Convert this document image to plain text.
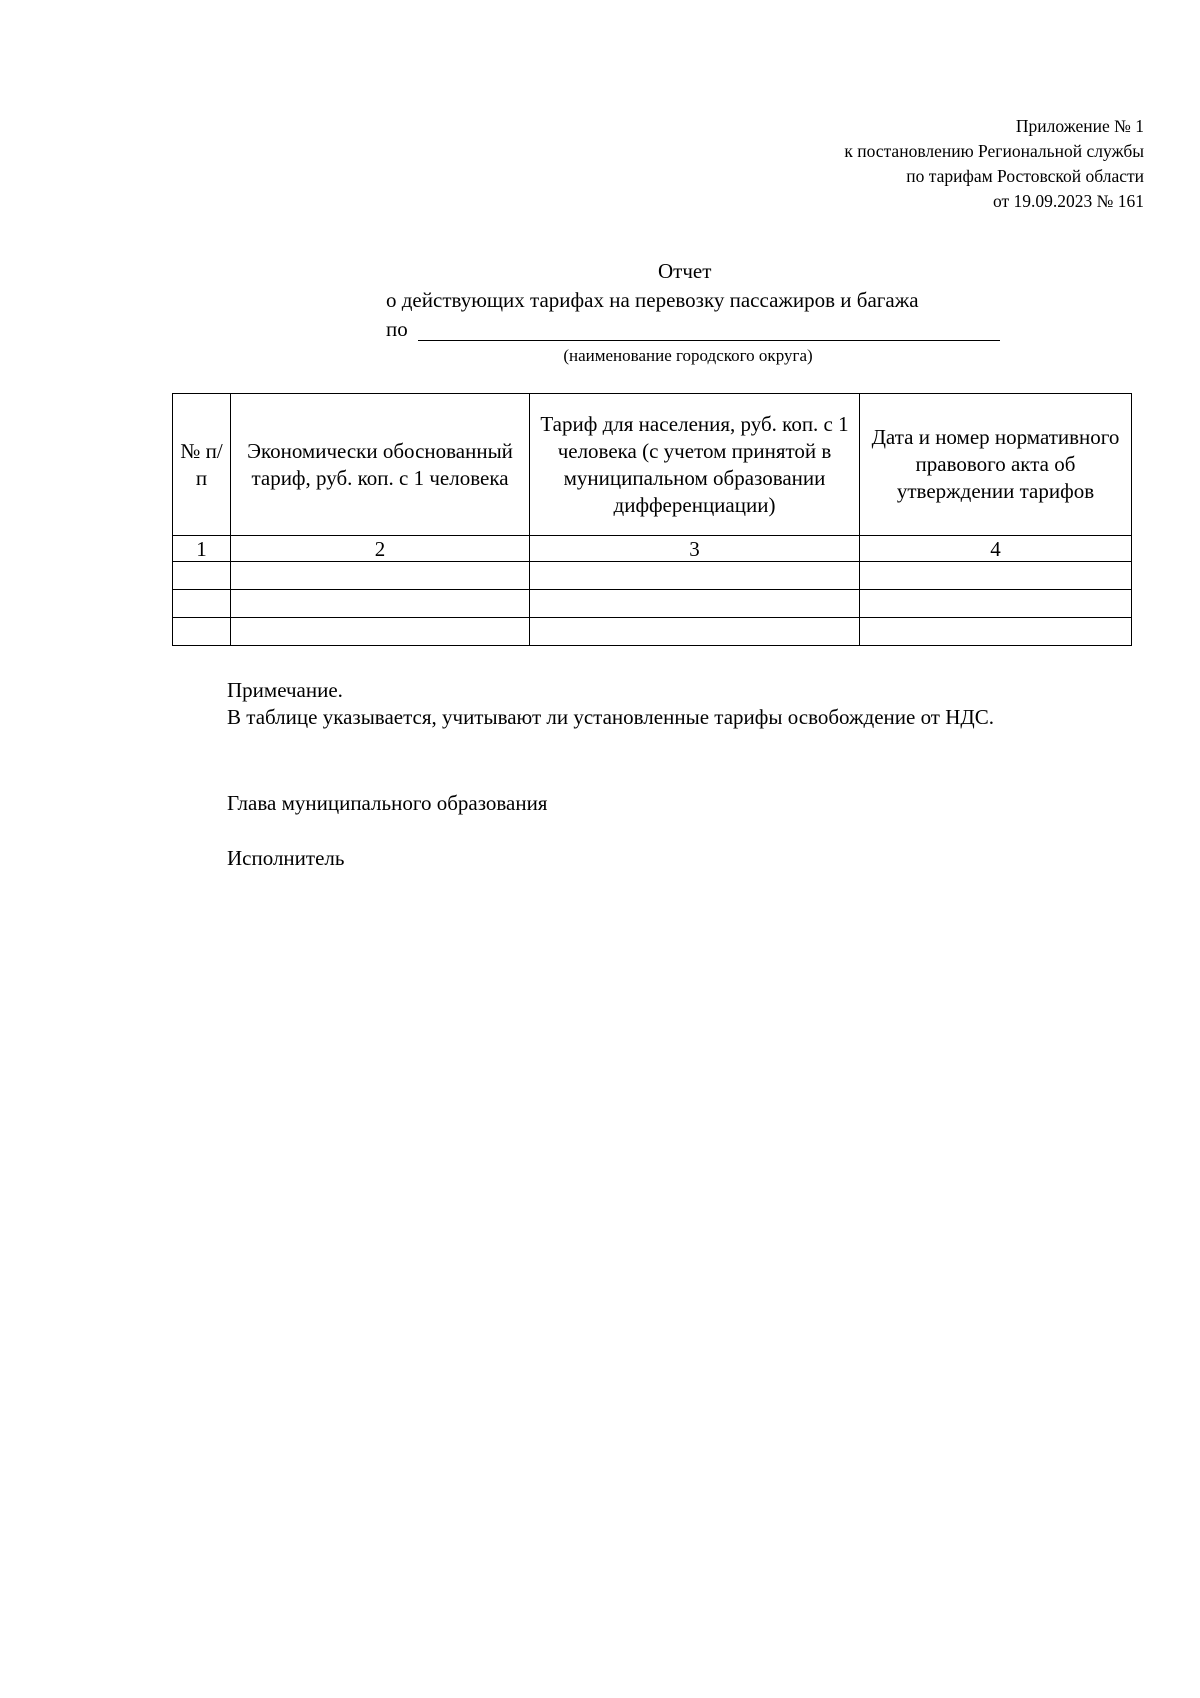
Приложение № 1
к постановлению Региональной службы
по тарифам Ростовской области
от 19.09.2023 № 161
Отчет
о действующих тарифах на перевозку пассажиров и багажа
по
(наименование городского округа)
№ п/п	Экономически обоснованный тариф, руб. коп. с 1 человека	Тариф для населения, руб. коп. с 1 человека (с учетом принятой в муниципальном образовании дифференциации)	Дата и номер нормативного правового акта об утверждении тарифов
1	2	3	4

Примечание.
В таблице указывается, учитывают ли установленные тарифы освобождение от НДС.
Глава муниципального образования
Исполнитель
